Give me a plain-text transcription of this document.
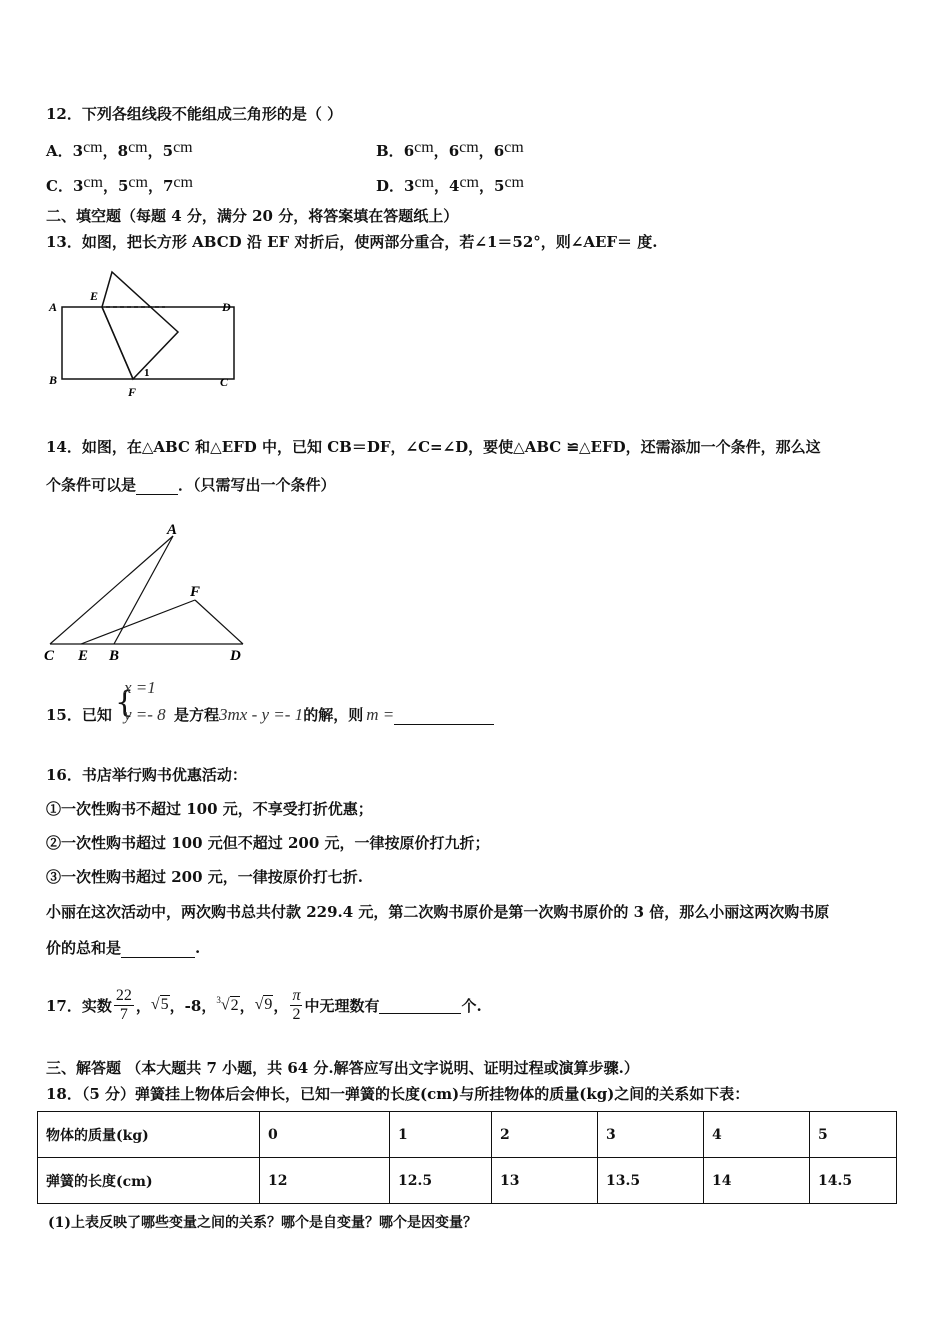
12．下列各组线段不能组成三角形的是（ ）
A．3cm，8cm，5cm	B．6cm，6cm，6cm
C．3cm，5cm，7cm	D．3cm，4cm，5cm
二、填空题（每题 4 分，满分 20 分，将答案填在答题纸上）
13．如图，把长方形 ABCD 沿 EF 对折后，使两部分重合，若∠1＝52°，则∠AEF＝ 度.
A
E
D
B
F
C
1
14．如图，在△ABC 和△EFD 中，已知 CB＝DF，∠C=∠D，要使△ABC ≌△EFD，还需添加一个条件，那么这
个条件可以是	．（只需写出一个条件）
A
F
C E B	D
15．已知 {
x =1
y =- 8 是方程3mx - y =- 1的解，则 m =
16．书店举行购书优惠活动：
①一次性购书不超过 100 元，不享受打折优惠；
②一次性购书超过 100 元但不超过 200 元，一律按原价打九折；
③一次性购书超过 200 元，一律按原价打七折.
小丽在这次活动中，两次购书总共付款 229.4 元，第二次购书原价是第一次购书原价的 3 倍，那么小丽这两次购书原
价的总和是	.
17．实数 $\frac{22}{7}$ ， √5 ，-8， $^3$√2 ， √9 ， $\frac{\pi}{2}$ 中无理数有
	个.
三、解答题 （本大题共 7 小题，共 64 分.解答应写出文字说明、证明过程或演算步骤.）
18．（5 分）弹簧挂上物体后会伸长，已知一弹簧的长度(cm)与所挂物体的质量(kg)之间的关系如下表：
物体的质量(kg)	0	1	2	3	4	5
弹簧的长度(cm)	12	12.5	13	13.5	14	14.5
(1)上表反映了哪些变量之间的关系？哪个是自变量？哪个是因变量？
